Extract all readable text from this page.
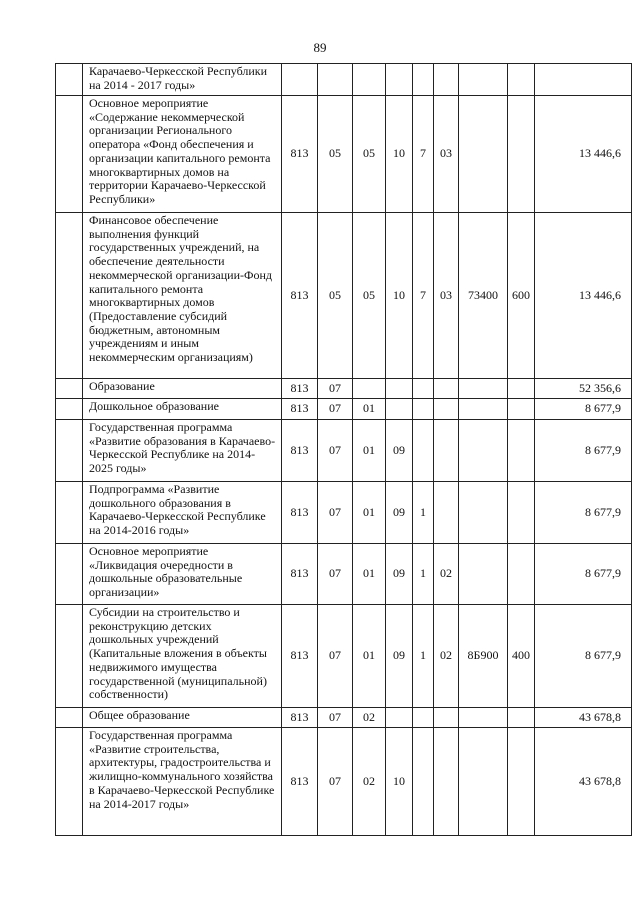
89
	Карачаево-Черкесской Республики на 2014 - 2017 годы»									
	Основное мероприятие «Содержание некоммерческой организации Регионального оператора «Фонд обеспечения и организации капитального ремонта многоквартирных домов на территории Карачаево-Черкесской Республики»	813	05	05	10	7	03			13 446,6
	Финансовое обеспечение выполнения функций государственных учреждений, на обеспечение деятельности некоммерческой организации-Фонд капитального ремонта многоквартирных домов (Предоставление субсидий бюджетным, автономным учреждениям и иным некоммерческим организациям)	813	05	05	10	7	03	73400	600	13 446,6
	Образование	813	07							52 356,6
	Дошкольное образование	813	07	01						8 677,9
	Государственная программа «Развитие образования в Карачаево-Черкесской Республике на 2014-2025 годы»	813	07	01	09					8 677,9
	Подпрограмма «Развитие дошкольного образования в Карачаево-Черкесской Республике на 2014-2016 годы»	813	07	01	09	1				8 677,9
	Основное мероприятие «Ликвидация очередности в дошкольные образовательные организации»	813	07	01	09	1	02			8 677,9
	Субсидии на строительство и реконструкцию детских дошкольных учреждений (Капитальные вложения в объекты недвижимого имущества государственной (муниципальной) собственности)	813	07	01	09	1	02	8Б900	400	8 677,9
	Общее образование	813	07	02						43 678,8
	Государственная программа «Развитие строительства, архитектуры, градостроительства и жилищно-коммунального хозяйства в Карачаево-Черкесской Республике на 2014-2017 годы»	813	07	02	10					43 678,8
